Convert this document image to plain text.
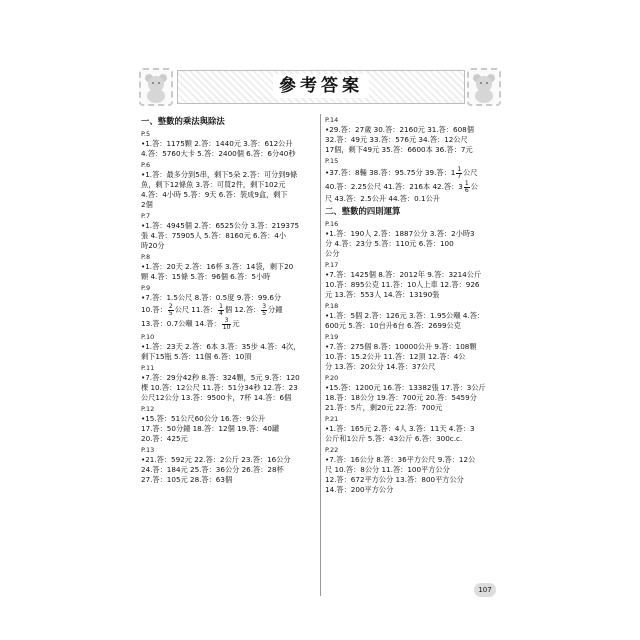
參考答案
一、整數的乘法與除法
P.5
•1.答：1175顆 2.答：1440元 3.答：612公升
4.答：5760大卡 5.答：2400個 6.答：6分40秒
P.6
•1.答：最多分到5串，剩下5朵 2.答：可分到9條
魚，剩下12條魚 3.答：可買2件，剩下102元
4.答：4小時 5.答：9天 6.答：裝成9盒，剩下
2個
P.7
•1.答：4945個 2.答：6525公分 3.答：219375
張 4.答：75905人 5.答：8160元 6.答：4小
時20分
P.8
•1.答：20天 2.答：16杯 3.答：14袋，剩下20
顆 4.答：15條 5.答：96個 6.答：5小時
P.9
•7.答：1.5公尺 8.答：0.5度 9.答：99.6分
10.答： $\frac{2}{5}$ 公尺 11.答： $\frac{1}{4}$ 個 12.答： $\frac{3}{5}$ 分鐘
13.答：0.7公噸 14.答： $\frac{3}{10}$ 元
P.10
•1.答：23天 2.答：6本 3.答：35步 4.答：4次，
剩下15瓶 5.答：11個 6.答：10頂
P.11
•7.答：29分42秒 8.答：324顆，5元 9.答：120
棵 10.答：12公尺 11.答：51分34秒 12.答：23
公尺12公分 13.答：9500卡，7杯 14.答：6個
P.12
•15.答：51公尺60公分 16.答：9公升
17.答：50分鐘 18.答：12個 19.答：40罐
20.答：425元
P.13
•21.答：592元 22.答：2公斤 23.答：16公分
24.答：184元 25.答：36公分 26.答：28杯
27.答：105元 28.答：63個
P.14
•29.答：27歲 30.答：2160元 31.答：608個
32.答：49元 33.答：576元 34.答：12公尺
17個，剩下49元 35.答：6600本 36.答：7元
P.15
•37.答：8輛 38.答：95.75分 39.答：$1 \frac{1}{7}$ 公尺
40.答：2.25公尺 41.答：216本 42.答：$3 \frac{1}{6}$ 公
尺 43.答：2.5公升 44.答：0.1公升
二、整數的四則運算
P.16
•1.答：190人 2.答：1887公分 3.答：2小時3
分 4.答：23分 5.答：110元 6.答：100
公分
P.17
•7.答：1425個 8.答：2012年 9.答：3214公斤
10.答：895公克 11.答：10人上車 12.答：926
元 13.答：553人 14.答：13190張
P.18
•1.答：5個 2.答：126元 3.答：1.95公噸 4.答：
600元 5.答：10台升6台 6.答：2699公克
P.19
•7.答：275個 8.答：10000公升 9.答：108顆
10.答：15.2公升 11.答：12頂 12.答：4公
分 13.答：20公分 14.答：37公尺
P.20
•15.答：1200元 16.答：13382張 17.答：3公斤
18.答：18公分 19.答：700元 20.答：5459分
21.答：5片，剩20元 22.答：700元
P.21
•1.答：165元 2.答：4人 3.答：11天 4.答：3
公斤和1公斤 5.答：43公斤 6.答：300c.c.
P.22
•7.答：16公分 8.答：36平方公尺 9.答：12公
尺 10.答：8公分 11.答：100平方公分
12.答：672平方公分 13.答：800平方公分
14.答：200平方公分
107
